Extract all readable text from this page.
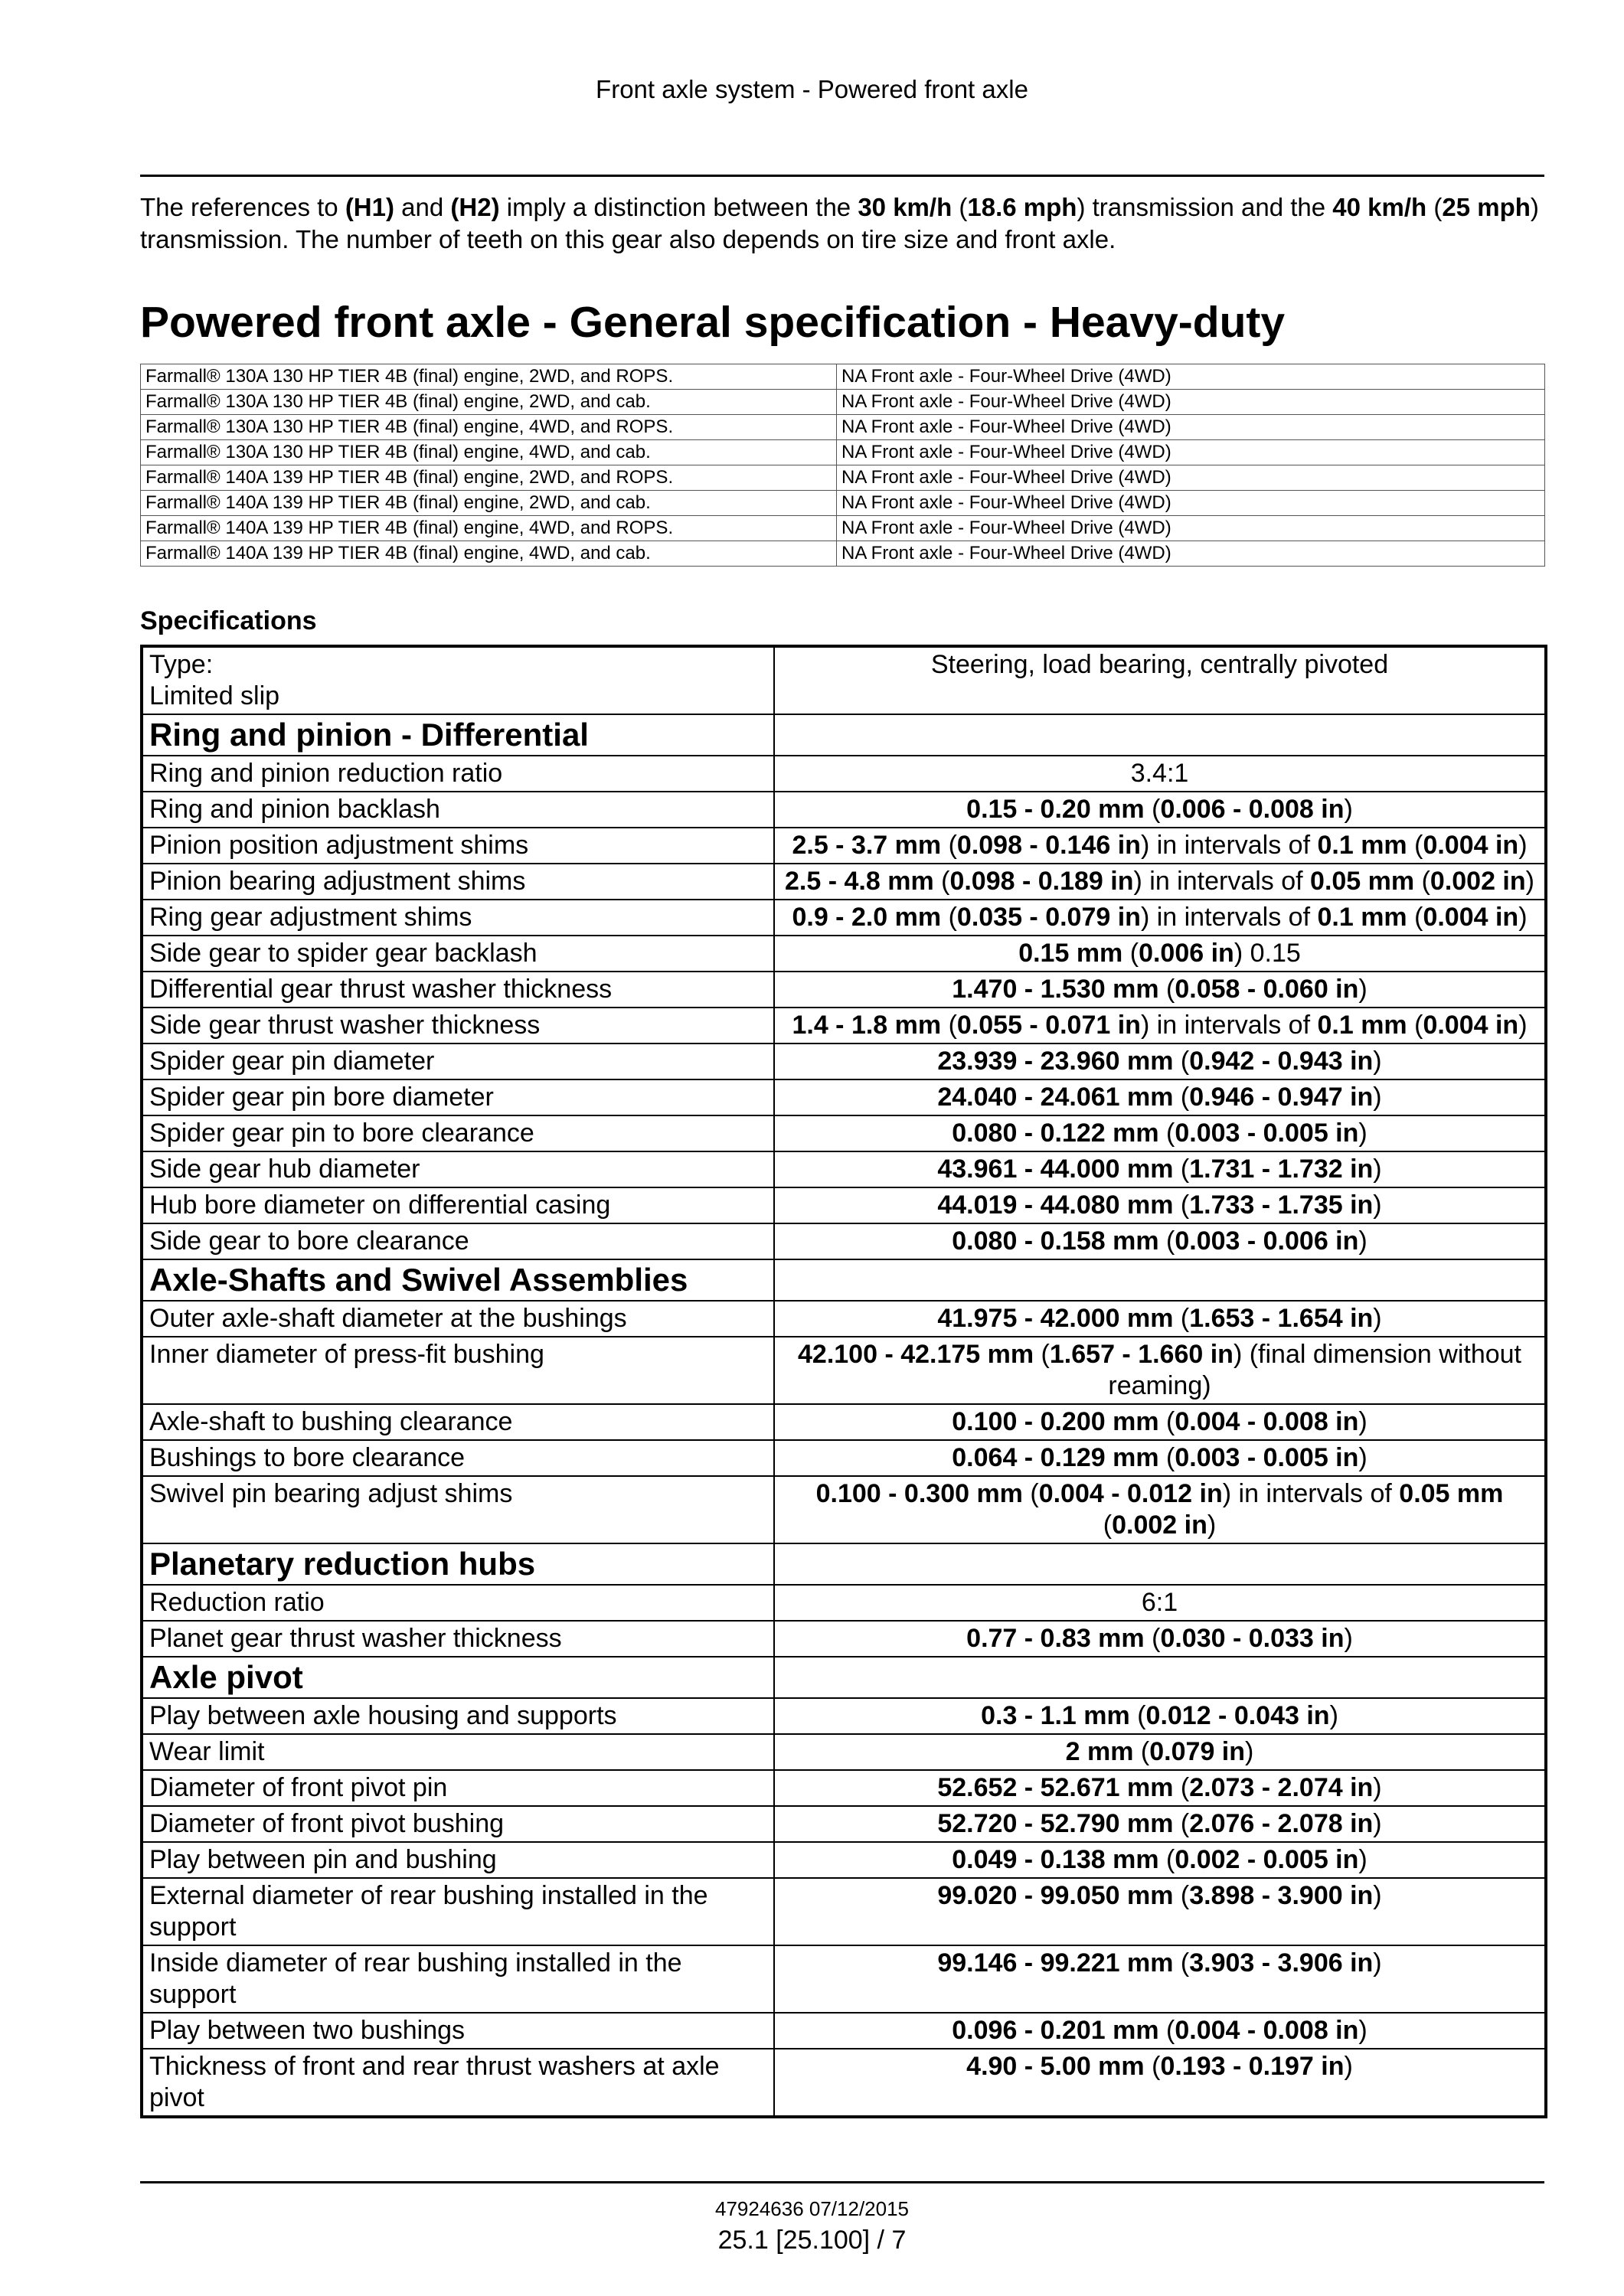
Front axle system - Powered front axle

The references to (H1) and (H2) imply a distinction between the 30 km/h (18.6 mph) transmission and the 40 km/h (25 mph) transmission. The number of teeth on this gear also depends on tire size and front axle.

Powered front axle - General specification - Heavy-duty
Farmall® 130A 130 HP TIER 4B (final) engine, 2WD, and ROPS.	NA Front axle - Four-Wheel Drive (4WD)
Farmall® 130A 130 HP TIER 4B (final) engine, 2WD, and cab.	NA Front axle - Four-Wheel Drive (4WD)
Farmall® 130A 130 HP TIER 4B (final) engine, 4WD, and ROPS.	NA Front axle - Four-Wheel Drive (4WD)
Farmall® 130A 130 HP TIER 4B (final) engine, 4WD, and cab.	NA Front axle - Four-Wheel Drive (4WD)
Farmall® 140A 139 HP TIER 4B (final) engine, 2WD, and ROPS.	NA Front axle - Four-Wheel Drive (4WD)
Farmall® 140A 139 HP TIER 4B (final) engine, 2WD, and cab.	NA Front axle - Four-Wheel Drive (4WD)
Farmall® 140A 139 HP TIER 4B (final) engine, 4WD, and ROPS.	NA Front axle - Four-Wheel Drive (4WD)
Farmall® 140A 139 HP TIER 4B (final) engine, 4WD, and cab.	NA Front axle - Four-Wheel Drive (4WD)
Specifications
Type:
Limited slip	Steering, load bearing, centrally pivoted
Ring and pinion - Differential	
Ring and pinion reduction ratio	3.4:1
Ring and pinion backlash	0.15 - 0.20 mm (0.006 - 0.008 in)
Pinion position adjustment shims	2.5 - 3.7 mm (0.098 - 0.146 in) in intervals of 0.1 mm (0.004 in)
Pinion bearing adjustment shims	2.5 - 4.8 mm (0.098 - 0.189 in) in intervals of 0.05 mm (0.002 in)
Ring gear adjustment shims	0.9 - 2.0 mm (0.035 - 0.079 in) in intervals of 0.1 mm (0.004 in)
Side gear to spider gear backlash	0.15 mm (0.006 in) 0.15
Differential gear thrust washer thickness	1.470 - 1.530 mm (0.058 - 0.060 in)
Side gear thrust washer thickness	1.4 - 1.8 mm (0.055 - 0.071 in) in intervals of 0.1 mm (0.004 in)
Spider gear pin diameter	23.939 - 23.960 mm (0.942 - 0.943 in)
Spider gear pin bore diameter	24.040 - 24.061 mm (0.946 - 0.947 in)
Spider gear pin to bore clearance	0.080 - 0.122 mm (0.003 - 0.005 in)
Side gear hub diameter	43.961 - 44.000 mm (1.731 - 1.732 in)
Hub bore diameter on differential casing	44.019 - 44.080 mm (1.733 - 1.735 in)
Side gear to bore clearance	0.080 - 0.158 mm (0.003 - 0.006 in)
Axle-Shafts and Swivel Assemblies	
Outer axle-shaft diameter at the bushings	41.975 - 42.000 mm (1.653 - 1.654 in)
Inner diameter of press-fit bushing	42.100 - 42.175 mm (1.657 - 1.660 in) (final dimension without reaming)
Axle-shaft to bushing clearance	0.100 - 0.200 mm (0.004 - 0.008 in)
Bushings to bore clearance	0.064 - 0.129 mm (0.003 - 0.005 in)
Swivel pin bearing adjust shims	0.100 - 0.300 mm (0.004 - 0.012 in) in intervals of 0.05 mm (0.002 in)
Planetary reduction hubs	
Reduction ratio	6:1
Planet gear thrust washer thickness	0.77 - 0.83 mm (0.030 - 0.033 in)
Axle pivot	
Play between axle housing and supports	0.3 - 1.1 mm (0.012 - 0.043 in)
Wear limit	2 mm (0.079 in)
Diameter of front pivot pin	52.652 - 52.671 mm (2.073 - 2.074 in)
Diameter of front pivot bushing	52.720 - 52.790 mm (2.076 - 2.078 in)
Play between pin and bushing	0.049 - 0.138 mm (0.002 - 0.005 in)
External diameter of rear bushing installed in the support	99.020 - 99.050 mm (3.898 - 3.900 in)
Inside diameter of rear bushing installed in the support	99.146 - 99.221 mm (3.903 - 3.906 in)
Play between two bushings	0.096 - 0.201 mm (0.004 - 0.008 in)
Thickness of front and rear thrust washers at axle pivot	4.90 - 5.00 mm (0.193 - 0.197 in)
47924636 07/12/2015
25.1 [25.100] / 7
